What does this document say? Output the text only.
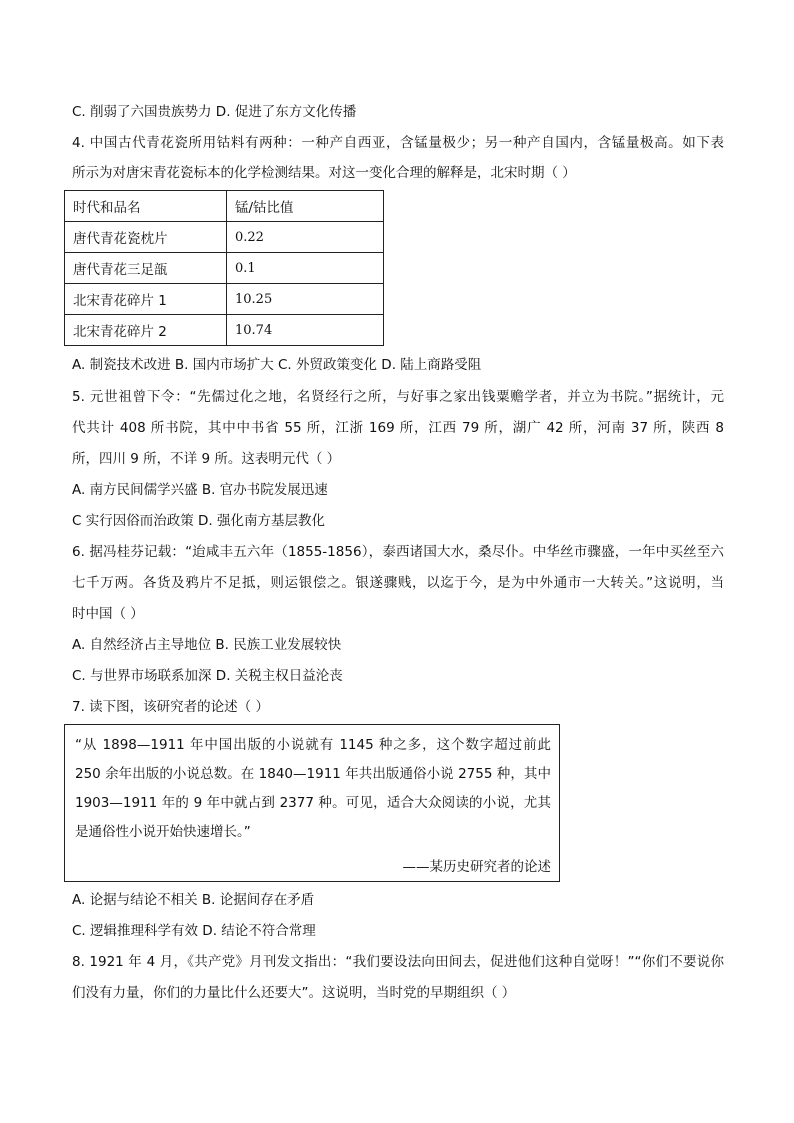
C. 削弱了六国贵族势力 D. 促进了东方文化传播
4. 中国古代青花瓷所用钴料有两种：一种产自西亚，含锰量极少；另一种产自国内，含锰量极高。如下表
所示为对唐宋青花瓷标本的化学检测结果。对这一变化合理的解释是，北宋时期（ ）
时代和品名	锰/钴比值
唐代青花瓷枕片	0.22
唐代青花三足瓿	0.1
北宋青花碎片 1	10.25
北宋青花碎片 2	10.74
A. 制瓷技术改进 B. 国内市场扩大 C. 外贸政策变化 D. 陆上商路受阻
5. 元世祖曾下令：“先儒过化之地，名贤经行之所，与好事之家出钱粟赡学者，并立为书院。”据统计，元
代共计 408 所书院，其中中书省 55 所，江浙 169 所，江西 79 所，湖广 42 所，河南 37 所，陕西 8
所，四川 9 所，不详 9 所。这表明元代（ ）
A. 南方民间儒学兴盛 B. 官办书院发展迅速
C 实行因俗而治政策 D. 强化南方基层教化
6. 据冯桂芬记载：“迨咸丰五六年（1855-1856），泰西诸国大水，桑尽仆。中华丝市骤盛，一年中买丝至六
七千万两。各货及鸦片不足抵，则运银偿之。银遂骤贱，以迄于今，是为中外通市一大转关。”这说明，当
时中国（ ）
A. 自然经济占主导地位 B. 民族工业发展较快
C. 与世界市场联系加深 D. 关税主权日益沦丧
7. 读下图，该研究者的论述（ ）
“从 1898—1911 年中国出版的小说就有 1145 种之多，这个数字超过前此
250 余年出版的小说总数。在 1840—1911 年共出版通俗小说 2755 种，其中
1903—1911 年的 9 年中就占到 2377 种。可见，适合大众阅读的小说，尤其
是通俗性小说开始快速增长。”
——某历史研究者的论述
A. 论据与结论不相关 B. 论据间存在矛盾
C. 逻辑推理科学有效 D. 结论不符合常理
8. 1921 年 4 月，《共产党》月刊发文指出：“我们要设法向田间去，促进他们这种自觉呀！”“你们不要说你
们没有力量，你们的力量比什么还要大”。这说明，当时党的早期组织（ ）
